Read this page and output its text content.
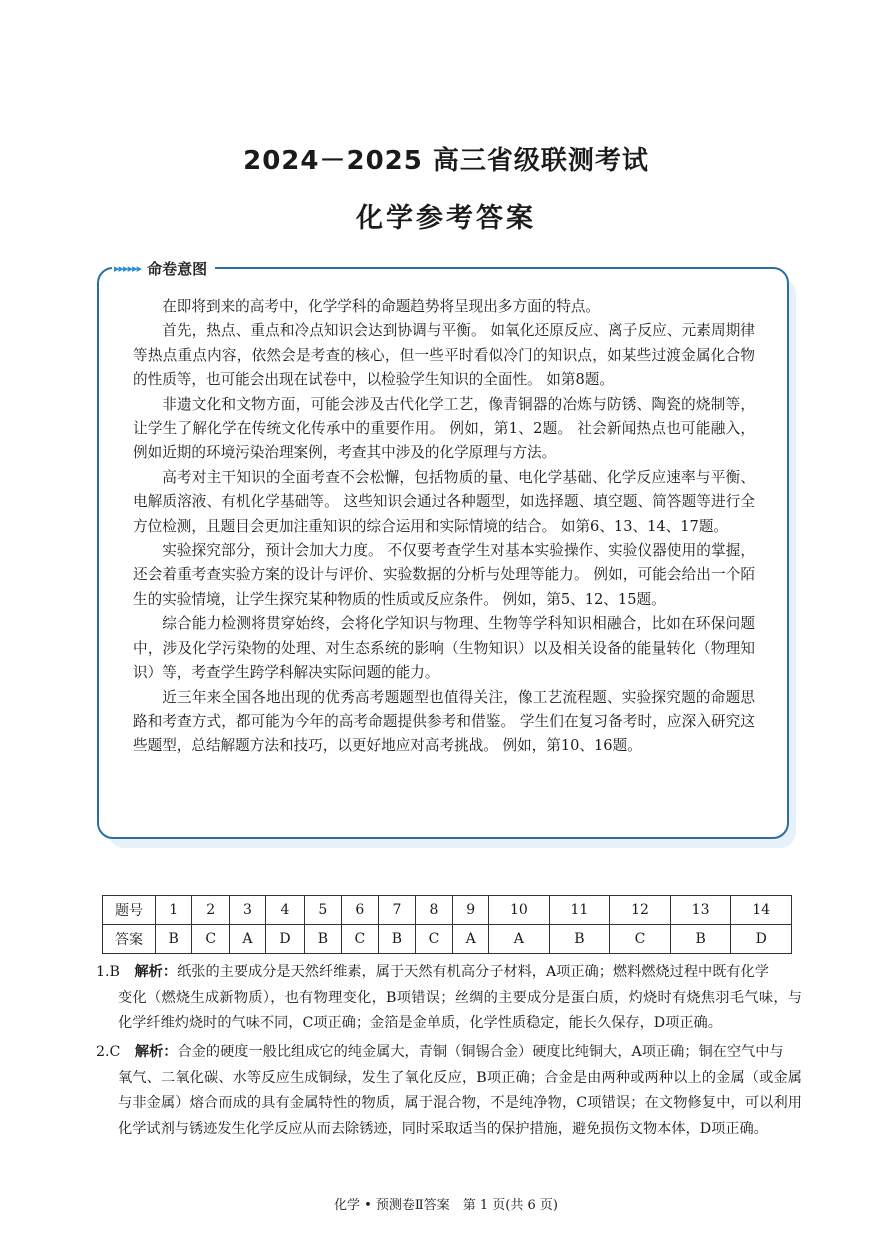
2024－2025 高三省级联测考试
化学参考答案
▸▸▸▸▸▸ 命卷意图

在即将到来的高考中，化学学科的命题趋势将呈现出多方面的特点。

首先，热点、重点和冷点知识会达到协调与平衡。 如氧化还原反应、离子反应、元素周期律等热点重点内容，依然会是考查的核心，但一些平时看似冷门的知识点，如某些过渡金属化合物的性质等，也可能会出现在试卷中，以检验学生知识的全面性。 如第8题。

非遗文化和文物方面，可能会涉及古代化学工艺，像青铜器的冶炼与防锈、陶瓷的烧制等，让学生了解化学在传统文化传承中的重要作用。 例如，第1、2题。 社会新闻热点也可能融入，例如近期的环境污染治理案例，考查其中涉及的化学原理与方法。

高考对主干知识的全面考查不会松懈，包括物质的量、电化学基础、化学反应速率与平衡、电解质溶液、有机化学基础等。 这些知识会通过各种题型，如选择题、填空题、简答题等进行全方位检测，且题目会更加注重知识的综合运用和实际情境的结合。 如第6、13、14、17题。

实验探究部分，预计会加大力度。 不仅要考查学生对基本实验操作、实验仪器使用的掌握，还会着重考查实验方案的设计与评价、实验数据的分析与处理等能力。 例如，可能会给出一个陌生的实验情境，让学生探究某种物质的性质或反应条件。 例如，第5、12、15题。

综合能力检测将贯穿始终，会将化学知识与物理、生物等学科知识相融合，比如在环保问题中，涉及化学污染物的处理、对生态系统的影响（生物知识）以及相关设备的能量转化（物理知识）等，考查学生跨学科解决实际问题的能力。

近三年来全国各地出现的优秀高考题题型也值得关注，像工艺流程题、实验探究题的命题思路和考查方式，都可能为今年的高考命题提供参考和借鉴。 学生们在复习备考时，应深入研究这些题型，总结解题方法和技巧，以更好地应对高考挑战。 例如，第10、16题。

题号	1	2	3	4	5	6	7	8	9	10	11	12	13	14
答案	B	C	A	D	B	C	B	C	A	A	B	C	B	D
1.B 解析：纸张的主要成分是天然纤维素，属于天然有机高分子材料，A项正确；燃料燃烧过程中既有化学
变化（燃烧生成新物质），也有物理变化，B项错误；丝绸的主要成分是蛋白质，灼烧时有烧焦羽毛气味，与化学纤维灼烧时的气味不同，C项正确；金箔是金单质，化学性质稳定，能长久保存，D项正确。
2.C 解析：合金的硬度一般比组成它的纯金属大，青铜（铜锡合金）硬度比纯铜大，A项正确；铜在空气中与
氧气、二氧化碳、水等反应生成铜绿，发生了氧化反应，B项正确；合金是由两种或两种以上的金属（或金属与非金属）熔合而成的具有金属特性的物质，属于混合物，不是纯净物，C项错误；在文物修复中，可以利用化学试剂与锈迹发生化学反应从而去除锈迹，同时采取适当的保护措施，避免损伤文物本体，D项正确。
化学 • 预测卷Ⅱ答案　第 1 页(共 6 页)
